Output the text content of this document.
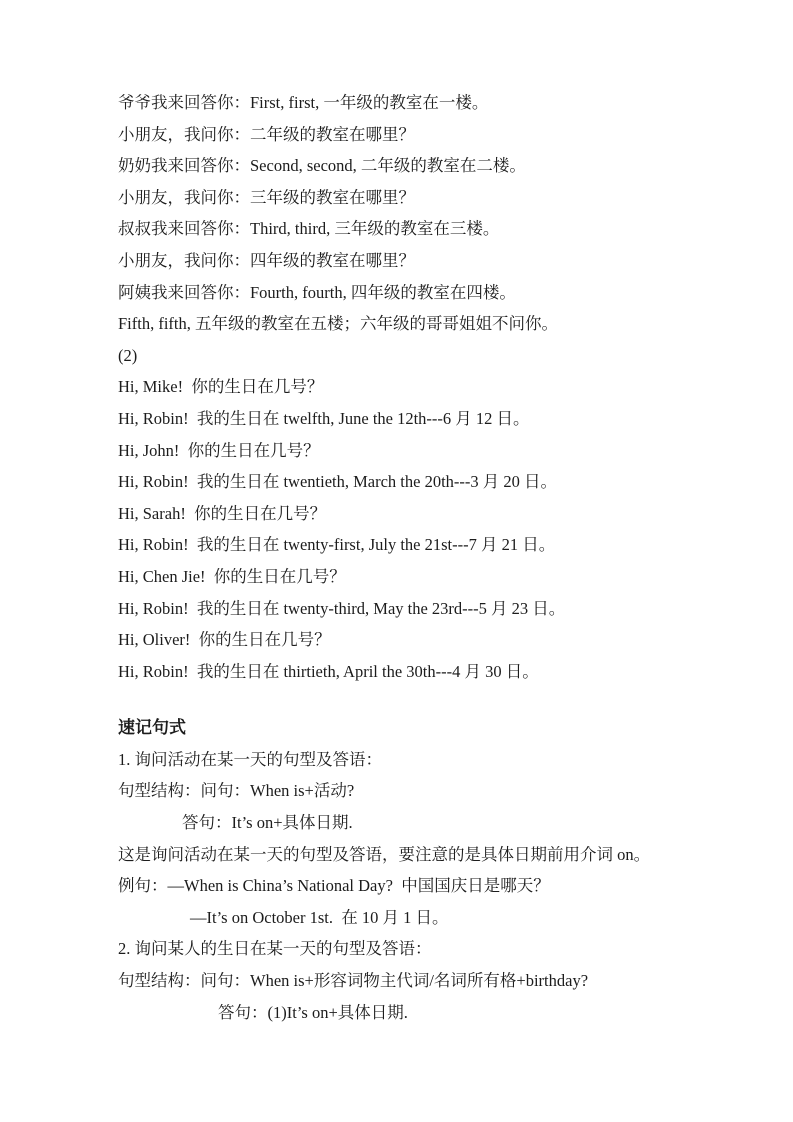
爷爷我来回答你：First, first, 一年级的教室在一楼。
小朋友，我问你：二年级的教室在哪里？
奶奶我来回答你：Second, second, 二年级的教室在二楼。
小朋友，我问你：三年级的教室在哪里？
叔叔我来回答你：Third, third, 三年级的教室在三楼。
小朋友，我问你：四年级的教室在哪里？
阿姨我来回答你：Fourth, fourth, 四年级的教室在四楼。
Fifth, fifth, 五年级的教室在五楼；六年级的哥哥姐姐不问你。
(2)
Hi, Mike!  你的生日在几号？
Hi, Robin!  我的生日在 twelfth, June the 12th---6 月 12 日。
Hi, John!  你的生日在几号？
Hi, Robin!  我的生日在 twentieth, March the 20th---3 月 20 日。
Hi, Sarah!  你的生日在几号？
Hi, Robin!  我的生日在 twenty-first, July the 21st---7 月 21 日。
Hi, Chen Jie!  你的生日在几号？
Hi, Robin!  我的生日在 twenty-third, May the 23rd---5 月 23 日。
Hi, Oliver!  你的生日在几号？
Hi, Robin!  我的生日在 thirtieth, April the 30th---4 月 30 日。
速记句式
1. 询问活动在某一天的句型及答语：
句型结构：问句：When is+活动?
答句：It’s on+具体日期.
这是询问活动在某一天的句型及答语，要注意的是具体日期前用介词 on。
例句：—When is China’s National Day?  中国国庆日是哪天？
—It’s on October 1st.  在 10 月 1 日。
2. 询问某人的生日在某一天的句型及答语：
句型结构：问句：When is+形容词物主代词/名词所有格+birthday?
答句：(1)It’s on+具体日期.
